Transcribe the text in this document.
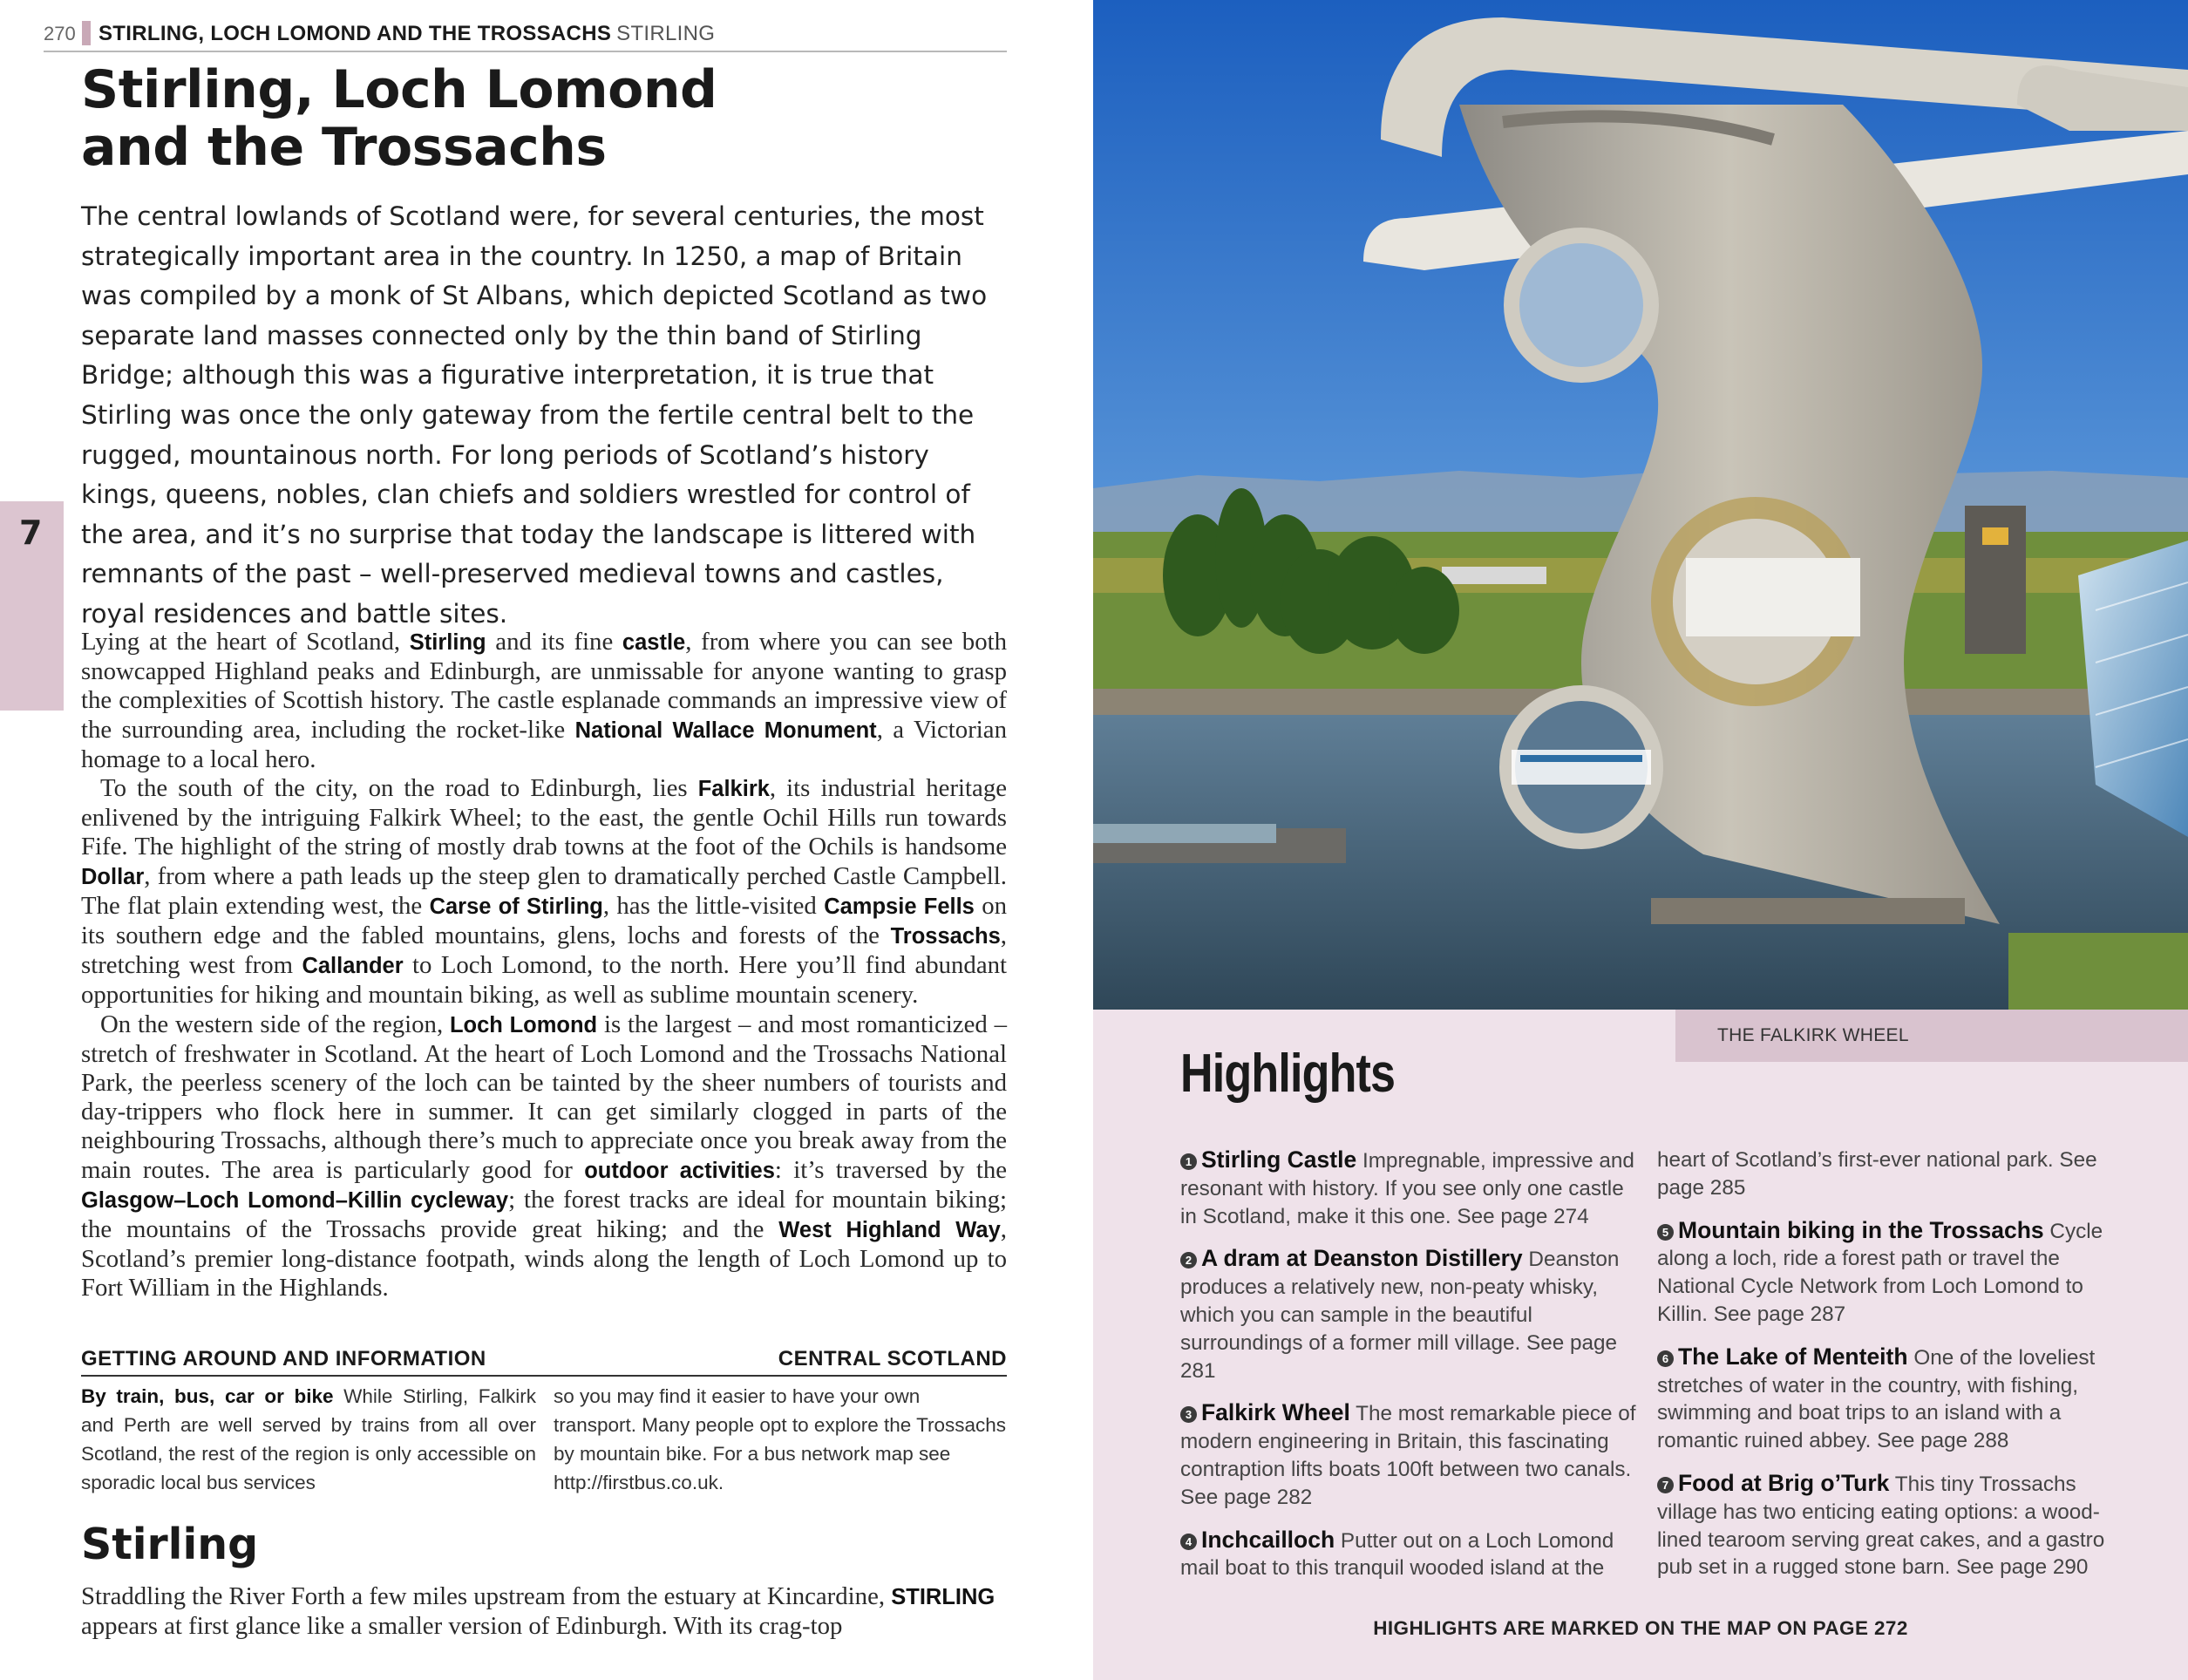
270 STIRLING, LOCH LOMOND AND THE TROSSACHS STIRLING
7
Stirling, Loch Lomond
and the Trossachs

The central lowlands of Scotland were, for several centuries, the most strategically important area in the country. In 1250, a map of Britain was compiled by a monk of St Albans, which depicted Scotland as two separate land masses connected only by the thin band of Stirling Bridge; although this was a figurative interpretation, it is true that Stirling was once the only gateway from the fertile central belt to the rugged, mountainous north. For long periods of Scotland’s history kings, queens, nobles, clan chiefs and soldiers wrestled for control of the area, and it’s no surprise that today the landscape is littered with remnants of the past – well-preserved medieval towns and castles, royal residences and battle sites.

Lying at the heart of Scotland, Stirling and its fine castle, from where you can see both snowcapped Highland peaks and Edinburgh, are unmissable for anyone wanting to grasp the complexities of Scottish history. The castle esplanade commands an impressive view of the surrounding area, including the rocket-like National Wallace Monument, a Victorian homage to a local hero.

To the south of the city, on the road to Edinburgh, lies Falkirk, its industrial heritage enlivened by the intriguing Falkirk Wheel; to the east, the gentle Ochil Hills run towards Fife. The highlight of the string of mostly drab towns at the foot of the Ochils is handsome Dollar, from where a path leads up the steep glen to dramatically perched Castle Campbell. The flat plain extending west, the Carse of Stirling, has the little-visited Campsie Fells on its southern edge and the fabled mountains, glens, lochs and forests of the Trossachs, stretching west from Callander to Loch Lomond, to the north. Here you’ll find abundant opportunities for hiking and mountain biking, as well as sublime mountain scenery.

On the western side of the region, Loch Lomond is the largest – and most romanticized – stretch of freshwater in Scotland. At the heart of Loch Lomond and the Trossachs National Park, the peerless scenery of the loch can be tainted by the sheer numbers of tourists and day-trippers who flock here in summer. It can get similarly clogged in parts of the neighbouring Trossachs, although there’s much to appreciate once you break away from the main routes. The area is particularly good for outdoor activities: it’s traversed by the Glasgow–Loch Lomond–Killin cycleway; the forest tracks are ideal for mountain biking; the mountains of the Trossachs provide great hiking; and the West Highland Way, Scotland’s premier long-distance footpath, winds along the length of Loch Lomond up to Fort William in the Highlands.

GETTING AROUND AND INFORMATION	CENTRAL SCOTLAND
By train, bus, car or bike While Stirling, Falkirk and Perth are well served by trains from all over Scotland, the rest of the region is only accessible on sporadic local bus services
so you may find it easier to have your own transport. Many people opt to explore the Trossachs by mountain bike. For a bus network map see http://firstbus.co.uk.
Stirling

Straddling the River Forth a few miles upstream from the estuary at Kincardine, STIRLING appears at first glance like a smaller version of Edinburgh. With its crag-top

THE FALKIRK WHEEL
Highlights

1 Stirling Castle Impregnable, impressive and resonant with history. If you see only one castle in Scotland, make it this one. See page 274

2 A dram at Deanston Distillery Deanston produces a relatively new, non-peaty whisky, which you can sample in the beautiful surroundings of a former mill village. See page 281

3 Falkirk Wheel The most remarkable piece of modern engineering in Britain, this fascinating contraption lifts boats 100ft between two canals. See page 282

4 Inchcailloch Putter out on a Loch Lomond mail boat to this tranquil wooded island at the

heart of Scotland’s first-ever national park. See page 285

5 Mountain biking in the Trossachs Cycle along a loch, ride a forest path or travel the National Cycle Network from Loch Lomond to Killin. See page 287

6 The Lake of Menteith One of the loveliest stretches of water in the country, with fishing, swimming and boat trips to an island with a romantic ruined abbey. See page 288

7 Food at Brig o’Turk This tiny Trossachs village has two enticing eating options: a wood-lined tearoom serving great cakes, and a gastro pub set in a rugged stone barn. See page 290

HIGHLIGHTS ARE MARKED ON THE MAP ON PAGE 272
